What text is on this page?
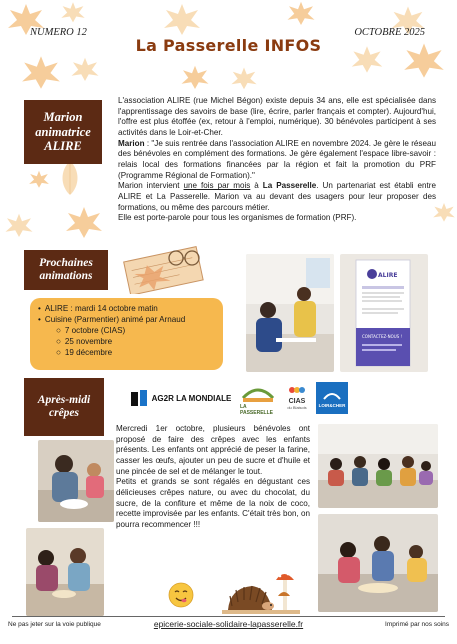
NUMERO 12
La Passerelle INFOS
OCTOBRE 2025
Marion
animatrice
ALIRE

L'association ALIRE (rue Michel Bégon) existe depuis 34 ans, elle est spécialisée dans l'apprentissage des savoirs de base (lire, écrire, parler français et compter). Aujourd'hui, l'offre est plus étoffée (ex, retour à l'emploi, numérique). 30 bénévoles participent à ses activités dans le Loir-et-Cher.

Marion : "Je suis rentrée dans l'association ALIRE en novembre 2024. Je gère le réseau des bénévoles en complément des formations. Je gère également l'espace libre-savoir : relais local des formations financées par la région et fait la promotion du PRF (Programme Régional de Formation)."

Marion intervient une fois par mois à La Passerelle. Un partenariat est établi entre ALIRE et La Passerelle. Marion va au devant des usagers pour leur proposer des formations, ou même des parcours métier.

Elle est porte-parole pour tous les organismes de formation (PRF).

Prochaines
animations
• ALIRE : mardi 14 octobre matin
• Cuisine (Parmentier) animé par Arnaud
○ 7 octobre (CIAS)
○ 25 novembre
○ 19 décembre
ALIRE
CONTACTEZ-NOUS !
Après-midi
crêpes
AG2R LA MONDIALE
LA PASSERELLE
CIAS
du Blaisois	LOIR&CHER

Mercredi 1er octobre, plusieurs bénévoles ont proposé de faire des crêpes avec les enfants présents. Les enfants ont apprécié de peser la farine, casser les œufs, ajouter un peu de sucre et d'huile et une pincée de sel et de mélanger le tout.

Petits et grands se sont régalés en dégustant ces délicieuses crêpes nature, ou avec du chocolat, du sucre, de la confiture et même de la noix de coco, recette improvisée par les enfants. C'était très bon, on pourra recommencer !!!

Ne pas jeter sur la voie publique	epicerie-sociale-solidaire-lapasserelle.fr	Imprimé par nos soins
